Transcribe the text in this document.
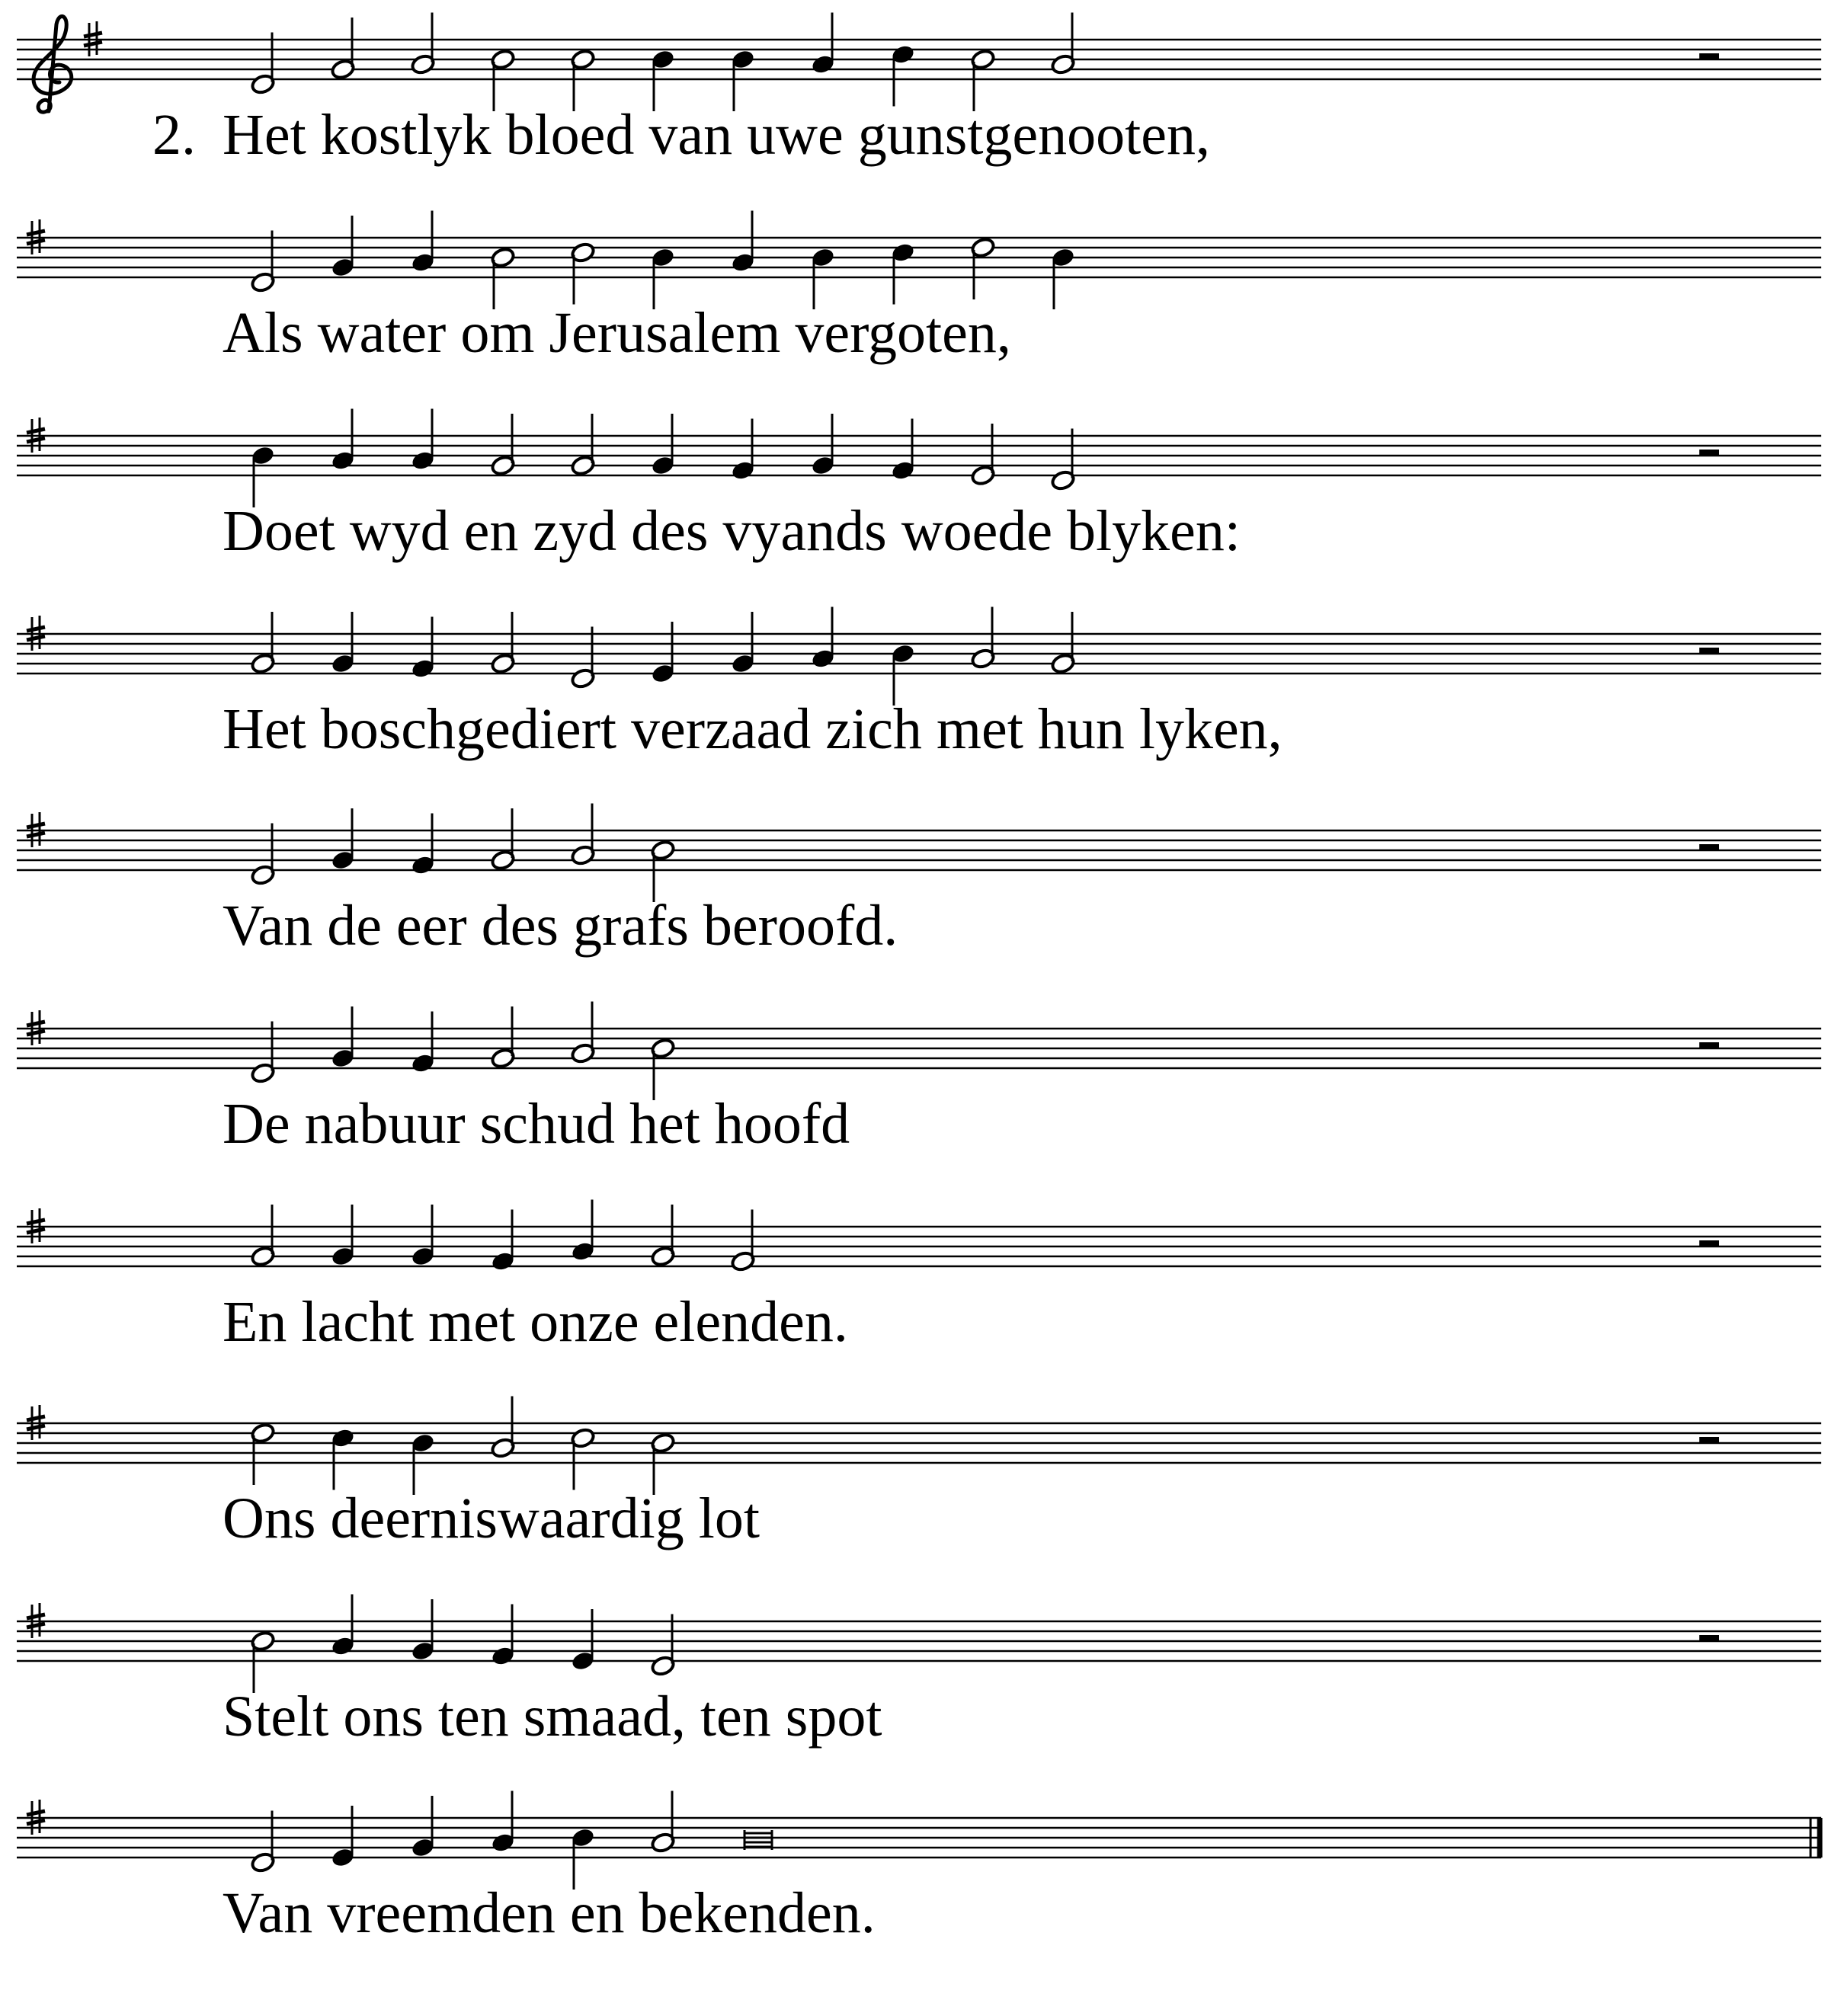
2. Het kostlyk bloed van uwe gunstgenooten,
Als water om Jerusalem vergoten,
Doet wyd en zyd des vyands woede blyken:
Het boschgediert verzaad zich met hun lyken,
Van de eer des grafs beroofd.
De nabuur schud het hoofd
En lacht met onze elenden.
Ons deerniswaardig lot
Stelt ons ten smaad, ten spot
Van vreemden en bekenden.
